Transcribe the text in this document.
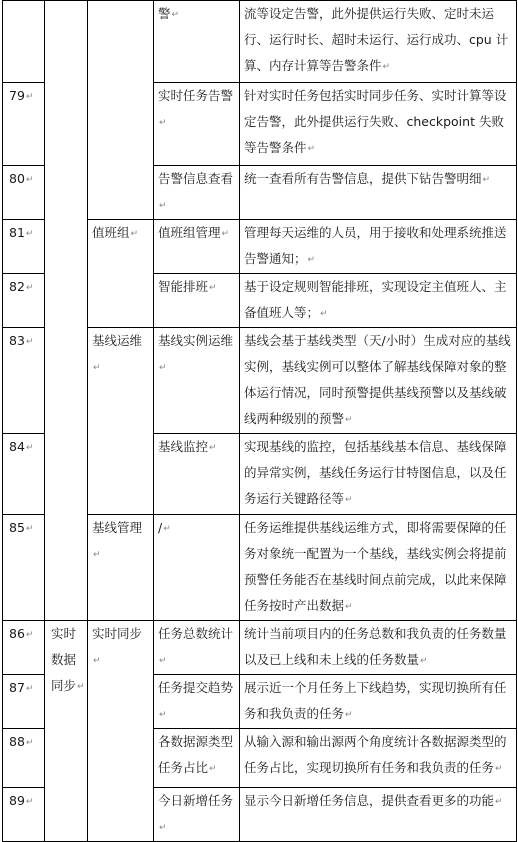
			警↵	流等设定告警，此外提供运行失败、定时未运行、运行时长、超时未运行、运行成功、cpu 计算、内存计算等告警条件↵
79↵			实时任务告警↵	针对实时任务包括实时同步任务、实时计算等设定告警，此外提供运行失败、checkpoint 失败等告警条件↵
80↵			告警信息查看↵	统一查看所有告警信息，提供下钻告警明细↵
81↵		值班组↵	值班组管理↵	管理每天运维的人员，用于接收和处理系统推送告警通知；↵
82↵			智能排班↵	基于设定规则智能排班，实现设定主值班人、主备值班人等；↵
83↵		基线运维↵	基线实例运维↵	基线会基于基线类型（天/小时）生成对应的基线实例，基线实例可以整体了解基线保障对象的整体运行情况，同时预警提供基线预警以及基线破线两种级别的预警↵
84↵			基线监控↵	实现基线的监控，包括基线基本信息、基线保障的异常实例，基线任务运行甘特图信息，以及任务运行关键路径等↵
85↵		基线管理↵	/↵	任务运维提供基线运维方式，即将需要保障的任务对象统一配置为一个基线，基线实例会将提前预警任务能否在基线时间点前完成，以此来保障任务按时产出数据↵
86↵	实时数据同步↵	实时同步↵	任务总数统计↵	统计当前项目内的任务总数和我负责的任务数量以及已上线和未上线的任务数量↵
87↵			任务提交趋势↵	展示近一个月任务上下线趋势，实现切换所有任务和我负责的任务↵
88↵			各数据源类型任务占比↵	从输入源和输出源两个角度统计各数据源类型的任务占比，实现切换所有任务和我负责的任务↵
89↵			今日新增任务↵	显示今日新增任务信息，提供查看更多的功能↵
